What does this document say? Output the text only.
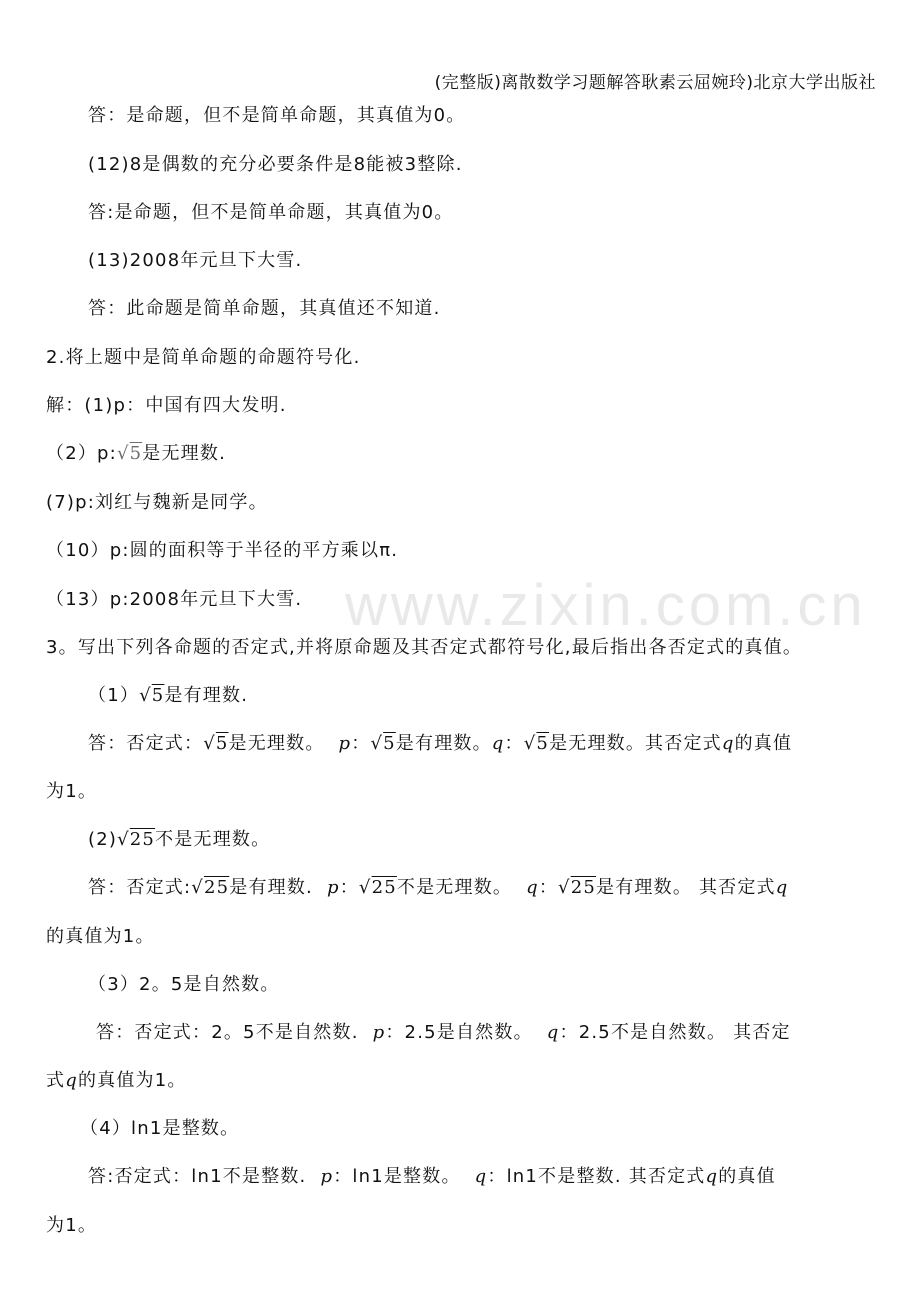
(完整版)离散数学习题解答耿素云屈婉玲)北京大学出版社
www.zixin.com.cn
答：是命题，但不是简单命题，其真值为0。
(12)8是偶数的充分必要条件是8能被3整除.
答:是命题，但不是简单命题，其真值为0。
(13)2008年元旦下大雪.
答：此命题是简单命题，其真值还不知道.
2.将上题中是简单命题的命题符号化.
解：(1)p：中国有四大发明.
（2）p:√5是无理数.
(7)p:刘红与魏新是同学。
（10）p:圆的面积等于半径的平方乘以π.
（13）p:2008年元旦下大雪.
3。写出下列各命题的否定式,并将原命题及其否定式都符号化,最后指出各否定式的真值。
（1）√5是有理数.
答：否定式：√5是无理数。 p：√5是有理数。q：√5是无理数。其否定式q的真值
为1。
(2)√25不是无理数。
答：否定式:√25是有理数. p：√25不是无理数。 q：√25是有理数。 其否定式q
的真值为1。
（3）2。5是自然数。
答：否定式：2。5不是自然数. p：2.5是自然数。 q：2.5不是自然数。 其否定
式q的真值为1。
（4）ln1是整数。
答:否定式：ln1不是整数. p：ln1是整数。 q：ln1不是整数. 其否定式q的真值
为1。
